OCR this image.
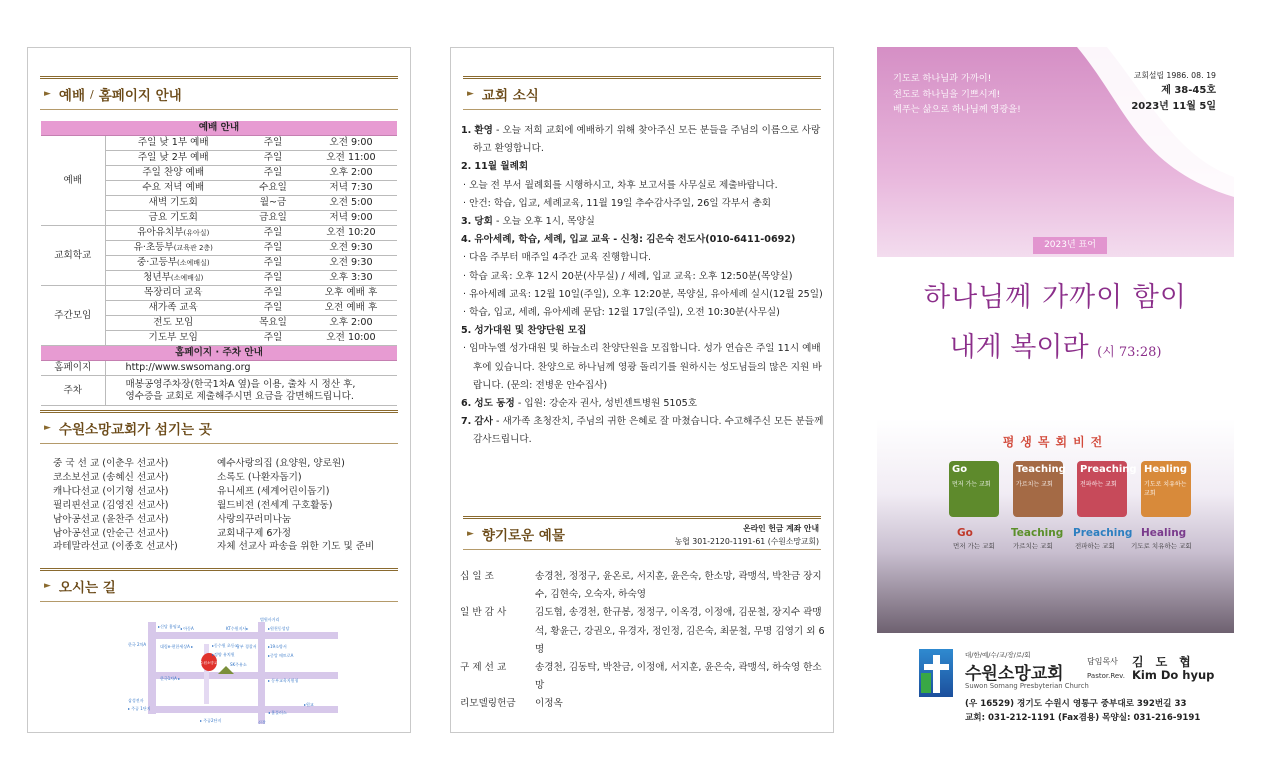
► 예배 / 홈페이지 안내
예배 안내			
예배	주일 낮 1부 예배	주일	오전 9:00
	주일 낮 2부 예배	주일	오전 11:00
	주일 찬양 예배	주일	오후 2:00
	수요 저녁 예배	수요일	저녁 7:30
	새벽 기도회	월~금	오전 5:00
	금요 기도회	금요일	저녁 9:00
교회학교	유아유치부(유아실)	주일	오전 10:20
	유·초등부(교육관 2층)	주일	오전 9:30
	중·고등부(소예배실)	주일	오전 9:30
	청년부(소예배실)	주일	오후 3:30
주간모임	목장리더 교육	주일	오후 예배 후
	새가족 교육	주일	오전 예배 후
	전도 모임	목요일	오후 2:00
	기도부 모임	주일	오전 10:00
홈페이지 · 주차 안내			
홈페이지	http://www.swsomang.org		
주차	매봉공영주차장(한국1차A 옆)을 이용, 출차 시 정산 후,
영수증을 교회로 제출해주시면 요금을 감면해드립니다.		
► 수원소망교회가 섬기는 곳
중 국 선 교 (이춘우 선교사)	예수사랑의집 (요양원, 양로원)
코소보선교 (송혜신 선교사)	소록도 (나환자돕기)
캐나다선교 (이기형 선교사)	유니세프 (세계어린이돕기)
필리핀선교 (김영진 선교사)	월드비전 (전세계 구호활동)
남아공선교 (윤찬주 선교사)	사랑의꾸러미나눔
남아공선교 (안순근 선교사)	교회내구제 6가정
과테말라선교 (이종호 선교사)	자체 선교사 파송을 위한 기도 및 준비
► 오시는 길
법원사거리
▸신당 홈핑교 ◂ 아동A	KT수원지사▸	▸원천동성당
한국 2차A	대림e-편한세상A ▸	▸동수원 초등교
남부 경찰서	▸19소방서
▸중앙 메트로A
▸정양 유치원
SK주유소
수원소망교회
한국1차A ▸	▸ 동부교육지원청
삼성전자
▸ 주공 1단지
▸ 주공2단지
◂ 홈플러스
신갈
▸원교
► 교회 소식
1. 환영 - 오늘 저희 교회에 예배하기 위해 찾아주신 모든 분들을 주님의 이름으로 사랑하고 환영합니다.
2. 11월 월례회
· 오늘 전 부서 월례회를 시행하시고, 차후 보고서를 사무실로 제출바랍니다.
· 안건: 학습, 입교, 세례교육, 11월 19일 추수감사주일, 26일 각부서 총회
3. 당회 - 오늘 오후 1시, 목양실
4. 유아세례, 학습, 세례, 입교 교육 - 신청: 김은숙 전도사(010-6411-0692)
· 다음 주부터 매주일 4주간 교육 진행합니다.
· 학습 교육: 오후 12시 20분(사무실) / 세례, 입교 교육: 오후 12:50분(목양실)
· 유아세례 교육: 12월 10일(주일), 오후 12:20분, 목양실, 유아세례 실시(12월 25일)
· 학습, 입교, 세례, 유아세례 문답: 12월 17일(주일), 오전 10:30분(사무실)
5. 성가대원 및 찬양단원 모집
· 임마누엘 성가대원 및 하늘소리 찬양단원을 모집합니다. 성가 연습은 주일 11시 예배 후에 있습니다. 찬양으로 하나님께 영광 돌리기를 원하시는 성도님들의 많은 지원 바랍니다. (문의: 전병운 안수집사)
6. 성도 동정 - 입원: 강순자 권사, 성빈센트병원 5105호
7. 감사 - 새가족 초청잔치, 주님의 귀한 은혜로 잘 마쳤습니다. 수고해주신 모든 분들께 감사드립니다.
► 향기로운 예물	온라인 헌금 계좌 안내
농협 301-2120-1191-61 (수원소망교회)
십 일 조	송경천, 정정구, 윤온로, 서지훈, 윤은숙, 한소망, 곽맹석, 박찬금 장지수, 김현숙, 오숙자, 하숙영
일 반 감 사	김도협, 송경천, 한규봉, 정정구, 이옥경, 이정애, 김문철, 장지수 곽맹석, 황윤근, 강권오, 유경자, 정인정, 김은숙, 최문철, 무명 김영기 외 6명
구 제 선 교	송경천, 김동탁, 박찬금, 이정애, 서지훈, 윤은숙, 곽맹석, 하숙영 한소망
리모델링헌금	이정옥
기도로 하나님과 가까이!
전도로 하나님을 기쁘시게!
베푸는 삶으로 하나님께 영광을!
교회설립 1986. 08. 19
제 38-45호
2023년 11월 5일
2023년 표어
하나님께 가까이 함이
내게 복이라 (시 73:28)
평생목회비전
Go
먼저 가는 교회
Teaching
가르치는 교회
Preaching
전파하는 교회
Healing
기도로 치유하는 교회
Go	Teaching Preaching Healing
먼저 가는 교회	가르치는 교회	전파하는 교회	기도로 치유하는 교회
대/한/예/수/교/장/로/회
수원소망교회
Suwon Somang Presbyterian Church
담임목사 김도협
Pastor.Rev. Kim Do hyup
(우 16529) 경기도 수원시 영통구 중부대로 392번길 33
교회: 031-212-1191 (Fax겸용) 목양실: 031-216-9191
